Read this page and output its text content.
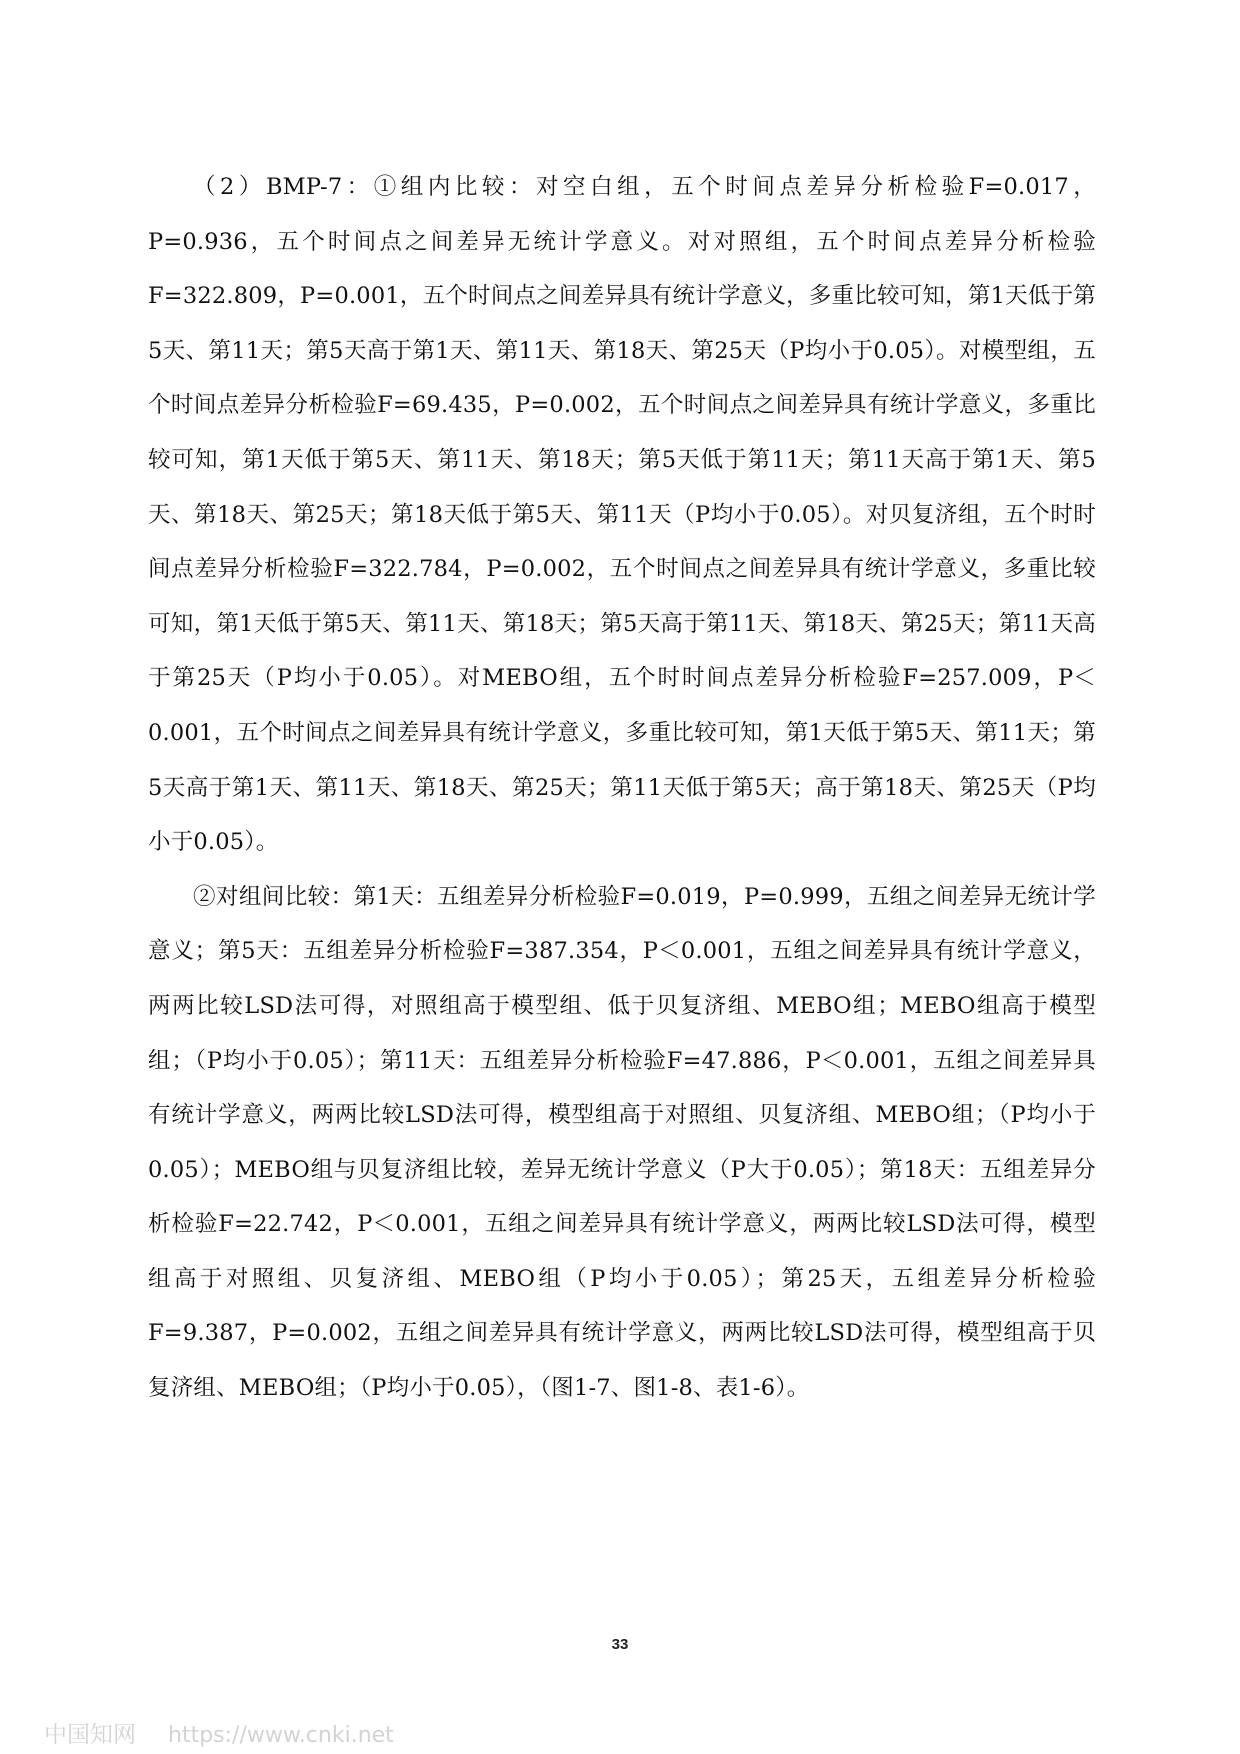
（2）BMP-7：①组内比较：对空白组，五个时间点差异分析检验F=0.017，P=0.936，五个时间点之间差异无统计学意义。对对照组，五个时间点差异分析检验F=322.809，P=0.001，五个时间点之间差异具有统计学意义，多重比较可知，第1天低于第5天、第11天；第5天高于第1天、第11天、第18天、第25天（P均小于0.05）。对模型组，五个时间点差异分析检验F=69.435，P=0.002，五个时间点之间差异具有统计学意义，多重比较可知，第1天低于第5天、第11天、第18天；第5天低于第11天；第11天高于第1天、第5天、第18天、第25天；第18天低于第5天、第11天（P均小于0.05）。对贝复济组，五个时时间点差异分析检验F=322.784，P=0.002，五个时间点之间差异具有统计学意义，多重比较可知，第1天低于第5天、第11天、第18天；第5天高于第11天、第18天、第25天；第11天高于第25天（P均小于0.05）。对MEBO组，五个时时间点差异分析检验F=257.009，P＜0.001，五个时间点之间差异具有统计学意义，多重比较可知，第1天低于第5天、第11天；第5天高于第1天、第11天、第18天、第25天；第11天低于第5天；高于第18天、第25天（P均小于0.05）。

②对组间比较：第1天：五组差异分析检验F=0.019，P=0.999，五组之间差异无统计学意义；第5天：五组差异分析检验F=387.354，P＜0.001，五组之间差异具有统计学意义，两两比较LSD法可得，对照组高于模型组、低于贝复济组、MEBO组；MEBO组高于模型组；（P均小于0.05）；第11天：五组差异分析检验F=47.886，P＜0.001，五组之间差异具有统计学意义，两两比较LSD法可得，模型组高于对照组、贝复济组、MEBO组；（P均小于0.05）；MEBO组与贝复济组比较，差异无统计学意义（P大于0.05）；第18天：五组差异分析检验F=22.742，P＜0.001，五组之间差异具有统计学意义，两两比较LSD法可得，模型组高于对照组、贝复济组、MEBO组（P均小于0.05）；第25天，五组差异分析检验F=9.387，P=0.002，五组之间差异具有统计学意义，两两比较LSD法可得，模型组高于贝复济组、MEBO组；（P均小于0.05），（图1-7、图1-8、表1-6）。

33
中国知网 https://www.cnki.net
